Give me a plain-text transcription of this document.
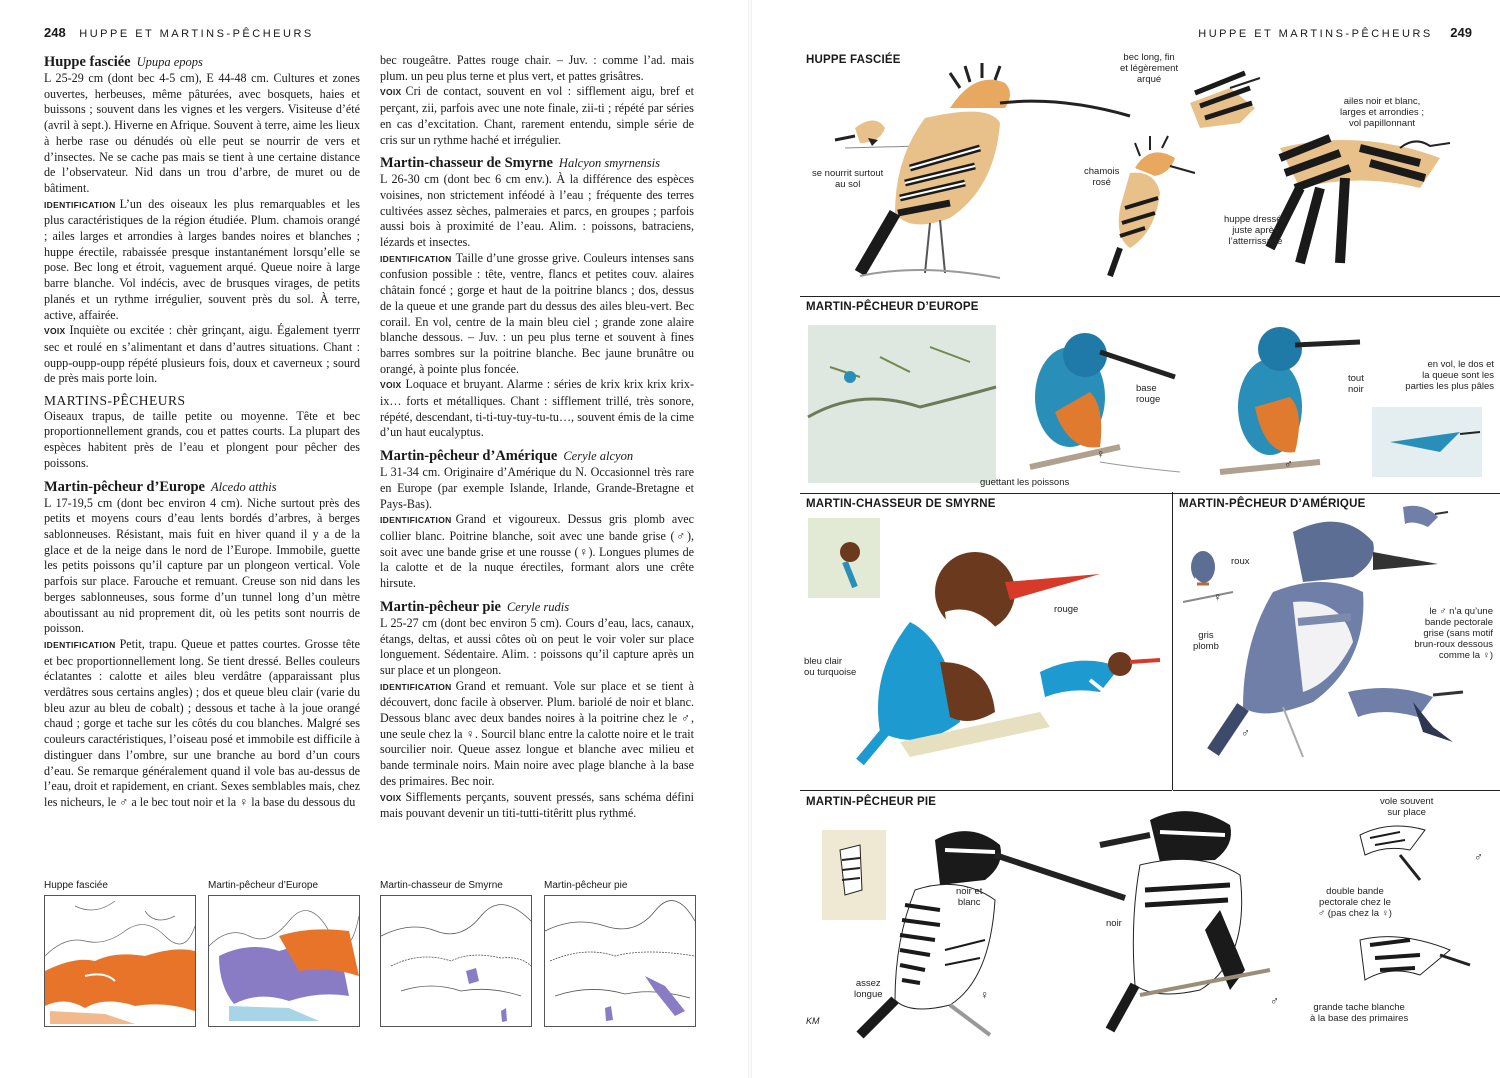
248 HUPPE ET MARTINS-PÊCHEURS

Huppe fasciée Upupa epops

L 25-29 cm (dont bec 4-5 cm), E 44-48 cm. Cultures et zones ouvertes, herbeuses, même pâturées, avec bosquets, haies et buissons ; souvent dans les vignes et les vergers. Visiteuse d’été (avril à sept.). Hiverne en Afrique. Souvent à terre, aime les lieux à herbe rase ou dénudés où elle peut se nourrir de vers et d’insectes. Ne se cache pas mais se tient à une certaine distance de l’observateur. Nid dans un trou d’arbre, de muret ou de bâtiment.

IDENTIFICATION L’un des oiseaux les plus remarquables et les plus caractéristiques de la région étudiée. Plum. chamois orangé ; ailes larges et arrondies à larges bandes noires et blanches ; huppe érectile, rabaissée presque instantanément lorsqu’elle se pose. Bec long et étroit, vaguement arqué. Queue noire à large barre blanche. Vol indécis, avec de brusques virages, de petits planés et un rythme irrégulier, souvent près du sol. À terre, active, affairée.

VOIX Inquiète ou excitée : chèr grinçant, aigu. Également tyerrr sec et roulé en s’alimentant et dans d’autres situations. Chant : oupp-oupp-oupp répété plusieurs fois, doux et caverneux ; sourd de près mais porte loin.

MARTINS-PÊCHEURS

Oiseaux trapus, de taille petite ou moyenne. Tête et bec proportionnellement grands, cou et pattes courts. La plupart des espèces habitent près de l’eau et plongent pour pêcher des poissons.

Martin-pêcheur d’Europe Alcedo atthis

L 17-19,5 cm (dont bec environ 4 cm). Niche surtout près des petits et moyens cours d’eau lents bordés d’arbres, à berges sablonneuses. Résistant, mais fuit en hiver quand il y a de la glace et de la neige dans le nord de l’Europe. Immobile, guette les petits poissons qu’il capture par un plongeon vertical. Vole parfois sur place. Farouche et remuant. Creuse son nid dans les berges sablonneuses, sous forme d’un tunnel long d’un mètre aboutissant au nid proprement dit, où les petits sont nourris de poisson.

IDENTIFICATION Petit, trapu. Queue et pattes courtes. Grosse tête et bec proportionnellement long. Se tient dressé. Belles couleurs éclatantes : calotte et ailes bleu verdâtre (apparaissant plus verdâtres sous certains angles) ; dos et queue bleu clair (varie du bleu azur au bleu de cobalt) ; dessous et tache à la joue orangé chaud ; gorge et tache sur les côtés du cou blanches. Malgré ses couleurs caractéristiques, l’oiseau posé et immobile est difficile à distinguer dans l’ombre, sur une branche au bord d’un cours d’eau. Se remarque généralement quand il vole bas au-dessus de l’eau, droit et rapidement, en criant. Sexes semblables mais, chez les nicheurs, le ♂ a le bec tout noir et la ♀ la base du dessous du

bec rougeâtre. Pattes rouge chair. – Juv. : comme l’ad. mais plum. un peu plus terne et plus vert, et pattes grisâtres.

VOIX Cri de contact, souvent en vol : sifflement aigu, bref et perçant, zii, parfois avec une note finale, zii-ti ; répété par séries en cas d’excitation. Chant, rarement entendu, simple série de cris sur un rythme haché et irrégulier.

Martin-chasseur de Smyrne Halcyon smyrnensis

L 26-30 cm (dont bec 6 cm env.). À la différence des espèces voisines, non strictement inféodé à l’eau ; fréquente des terres cultivées assez sèches, palmeraies et parcs, en groupes ; parfois aussi bois à proximité de l’eau. Alim. : poissons, batraciens, lézards et insectes.

IDENTIFICATION Taille d’une grosse grive. Couleurs intenses sans confusion possible : tête, ventre, flancs et petites couv. alaires châtain foncé ; gorge et haut de la poitrine blancs ; dos, dessus de la queue et une grande part du dessus des ailes bleu-vert. Bec corail. En vol, centre de la main bleu ciel ; grande zone alaire blanche dessous. – Juv. : un peu plus terne et souvent à fines barres sombres sur la poitrine blanche. Bec jaune brunâtre ou orangé, à pointe plus foncée.

VOIX Loquace et bruyant. Alarme : séries de krix krix krix krix-ix… forts et métalliques. Chant : sifflement trillé, très sonore, répété, descendant, ti-ti-tuy-tuy-tu-tu…, souvent émis de la cime d’un haut eucalyptus.

Martin-pêcheur d’Amérique Ceryle alcyon

L 31-34 cm. Originaire d’Amérique du N. Occasionnel très rare en Europe (par exemple Islande, Irlande, Grande-Bretagne et Pays-Bas).

IDENTIFICATION Grand et vigoureux. Dessus gris plomb avec collier blanc. Poitrine blanche, soit avec une bande grise (♂), soit avec une bande grise et une rousse (♀). Longues plumes de la calotte et de la nuque érectiles, formant alors une crête hirsute.

Martin-pêcheur pie Ceryle rudis

L 25-27 cm (dont bec environ 5 cm). Cours d’eau, lacs, canaux, étangs, deltas, et aussi côtes où on peut le voir voler sur place longuement. Sédentaire. Alim. : poissons qu’il capture après un sur place et un plongeon.

IDENTIFICATION Grand et remuant. Vole sur place et se tient à découvert, donc facile à observer. Plum. bariolé de noir et blanc. Dessous blanc avec deux bandes noires à la poitrine chez le ♂, une seule chez la ♀. Sourcil blanc entre la calotte noire et le trait sourcilier noir. Queue assez longue et blanche avec milieu et bande terminale noirs. Main noire avec plage blanche à la base des primaires. Bec noir.

VOIX Sifflements perçants, souvent pressés, sans schéma défini mais pouvant devenir un titi-tutti-titêritt plus rythmé.

Huppe fasciée	Martin-pêcheur d’Europe	Martin-chasseur de Smyrne	Martin-pêcheur pie
HUPPE ET MARTINS-PÊCHEURS 249
HUPPE FASCIÉE	bec long, fin
et légèrement
arqué
ailes noir et blanc,
larges et arrondies ;
vol papillonnant
se nourrit surtout
au sol
chamois
rosé
huppe dressée
juste après
l’atterrissage
MARTIN-PÊCHEUR D’EUROPE
base
rouge
tout
noir
en vol, le dos et
la queue sont les
parties les plus pâles
guettant les poissons
♀
♂
MARTIN-CHASSEUR DE SMYRNE
rouge
bleu clair
ou turquoise
MARTIN-PÊCHEUR D’AMÉRIQUE
roux
gris
plomb
le ♂ n’a qu’une
bande pectorale
grise (sans motif
brun-roux dessous
comme la ♀)
♀
♂
MARTIN-PÊCHEUR PIE
noir et
blanc
noir
vole souvent
sur place
double bande
pectorale chez le
♂ (pas chez la ♀)
assez
longue
grande tache blanche
à la base des primaires
♀	♂
♂
KM
